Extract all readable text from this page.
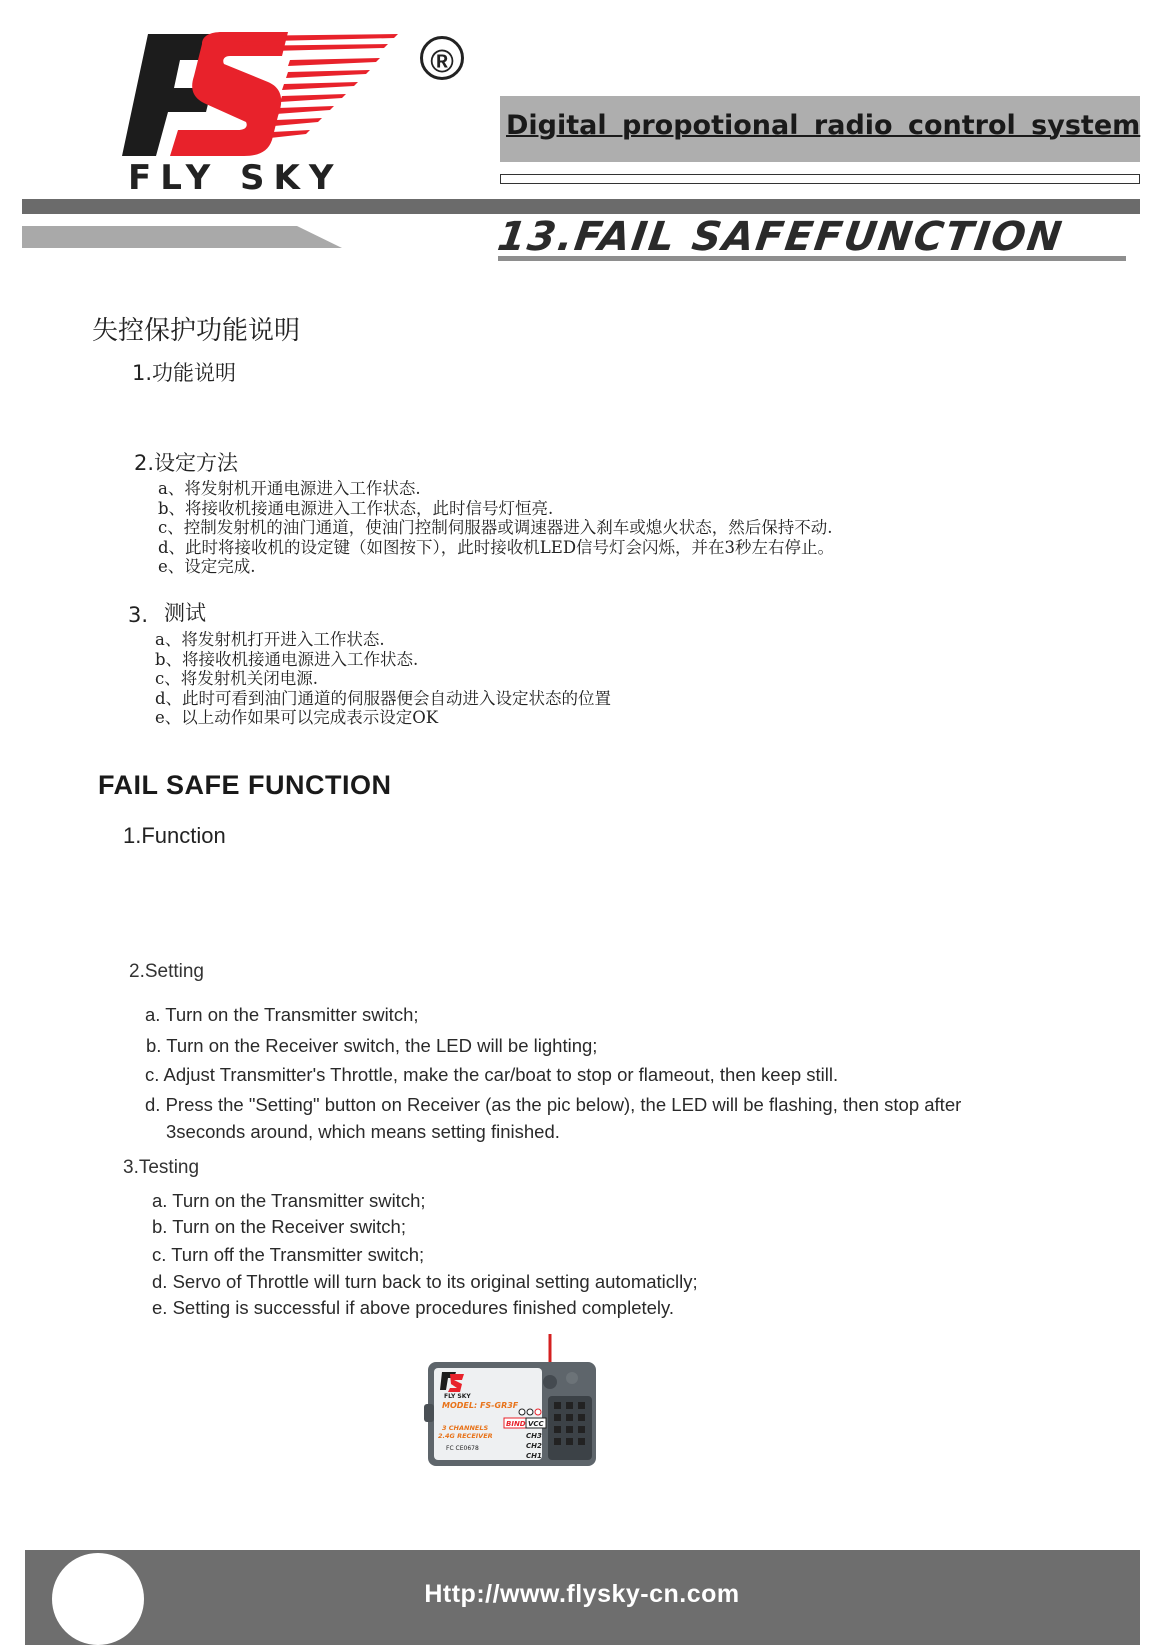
FLY SKY
®
Digital propotional radio control system
13.FAIL SAFEFUNCTION
失控保护功能说明
1.功能说明
2.设定方法
a、将发射机开通电源进入工作状态.
b、将接收机接通电源进入工作状态，此时信号灯恒亮.
c、控制发射机的油门通道，使油门控制伺服器或调速器进入刹车或熄火状态，然后保持不动.
d、此时将接收机的设定键（如图按下），此时接收机LED信号灯会闪烁，并在3秒左右停止。
e、设定完成.
3. 测试
a、将发射机打开进入工作状态.
b、将接收机接通电源进入工作状态.
c、将发射机关闭电源.
d、此时可看到油门通道的伺服器便会自动进入设定状态的位置
e、以上动作如果可以完成表示设定OK
FAIL SAFE FUNCTION
1.Function
2.Setting
a. Turn on the Transmitter switch;
b. Turn on the Receiver switch, the LED will be lighting;
c. Adjust Transmitter's Throttle, make the car/boat to stop or flameout, then keep still.
d. Press the "Setting" button on Receiver (as the pic below), the LED will be flashing, then stop after
3seconds around, which means setting finished.
3.Testing
a. Turn on the Transmitter switch;
b. Turn on the Receiver switch;
c. Turn off the Transmitter switch;
d. Servo of Throttle will turn back to its original setting automaticlly;
e. Setting is successful if above procedures finished completely.
FLY SKY
MODEL: FS-GR3F
3 CHANNELS
2.4G RECEIVER
FC CE0678
BIND VCC
CH3
CH2
CH1
Http://www.flysky-cn.com
